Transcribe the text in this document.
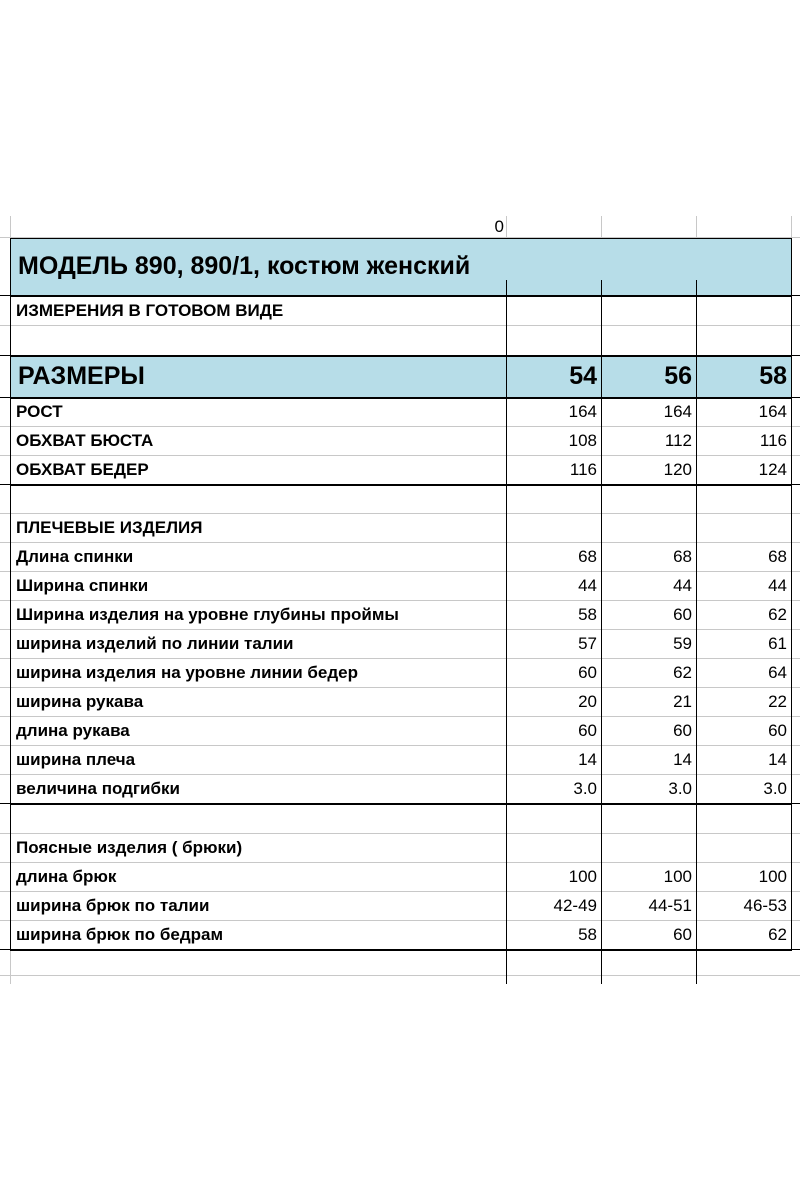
0
МОДЕЛЬ 890, 890/1, костюм женский
ИЗМЕРЕНИЯ В ГОТОВОМ ВИДЕ
РАЗМЕРЫ	54	56	58
РОСТ	164	164	164
ОБХВАТ БЮСТА	108	112	116
ОБХВАТ БЕДЕР	116	120	124
ПЛЕЧЕВЫЕ ИЗДЕЛИЯ
Длина спинки	68	68	68
Ширина спинки	44	44	44
Ширина изделия на уровне глубины проймы	58	60	62
ширина изделий по линии талии	57	59	61
ширина изделия на уровне линии бедер	60	62	64
ширина рукава	20	21	22
длина рукава	60	60	60
ширина плеча	14	14	14
величина подгибки	3.0	3.0	3.0
Поясные изделия ( брюки)
длина брюк	100	100	100
ширина брюк по талии	42-49	44-51	46-53
ширина брюк по бедрам	58	60	62
